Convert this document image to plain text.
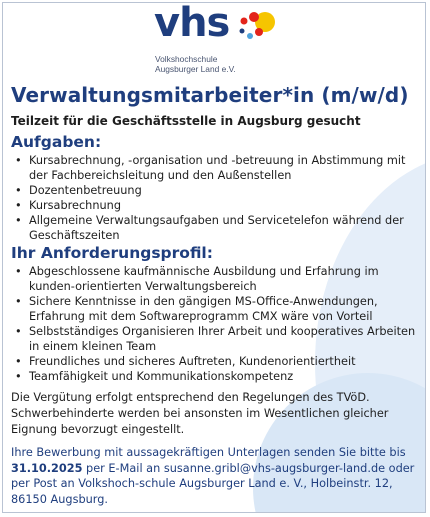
vhs
Volkshochschule
Augsburger Land e.V.
Verwaltungsmitarbeiter*in (m/w/d)
Teilzeit für die Geschäftsstelle in Augsburg gesucht
Aufgaben:
• Kursabrechnung, -organisation und -betreuung in Abstimmung mit der Fachbereichsleitung und den Außenstellen
• Dozentenbetreuung
• Kursabrechnung
• Allgemeine Verwaltungsaufgaben und Servicetelefon während der Geschäftszeiten
Ihr Anforderungsprofil:
• Abgeschlossene kaufmännische Ausbildung und Erfahrung im kunden-orientierten Verwaltungsbereich
• Sichere Kenntnisse in den gängigen MS-Office-Anwendungen, Erfahrung mit dem Softwareprogramm CMX wäre von Vorteil
• Selbstständiges Organisieren Ihrer Arbeit und kooperatives Arbeiten in einem kleinen Team
• Freundliches und sicheres Auftreten, Kundenorientiertheit
• Teamfähigkeit und Kommunikationskompetenz
Die Vergütung erfolgt entsprechend den Regelungen des TVöD. Schwerbehinderte werden bei ansonsten im Wesentlichen gleicher Eignung bevorzugt eingestellt.
Ihre Bewerbung mit aussagekräftigen Unterlagen senden Sie bitte bis 31.10.2025 per E-Mail an susanne.gribl@vhs-augsburger-land.de oder per Post an Volkshoch-schule Augsburger Land e. V., Holbeinstr. 12, 86150 Augsburg.
